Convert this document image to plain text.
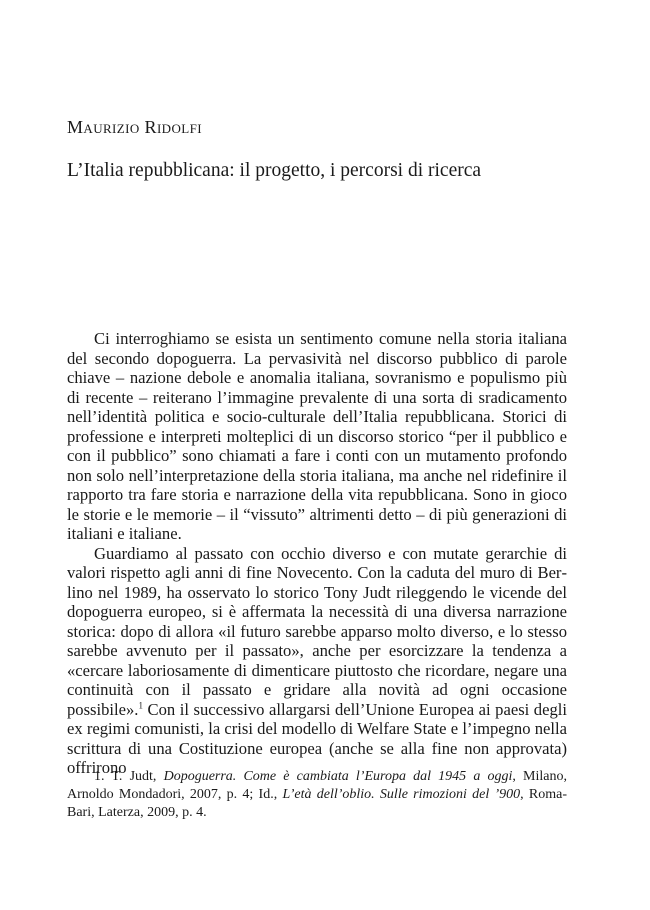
Maurizio Ridolfi
L’Italia repubblicana: il progetto, i percorsi di ricerca

Ci interroghiamo se esista un sentimento comune nella storia italiana del secondo dopoguerra. La pervasività nel discorso pubblico di parole chiave – nazione debole e anomalia italiana, sovranismo e populismo più di recente – reiterano l’immagine prevalente di una sorta di sradicamento nell’identità politica e socio-culturale dell’Italia repubblicana. Storici di professione e interpreti molteplici di un discorso storico “per il pubblico e con il pubblico” sono chiamati a fare i conti con un mutamento profondo non solo nell’interpretazione della storia italiana, ma anche nel ridefinire il rapporto tra fare storia e narrazione della vita repubblicana. Sono in gioco le storie e le memorie – il “vissuto” altrimenti detto – di più generazioni di italiani e italiane.

Guardiamo al passato con occhio diverso e con mutate gerarchie di valori rispetto agli anni di fine Novecento. Con la caduta del muro di Berlino nel 1989, ha osservato lo storico Tony Judt rileggendo le vicende del dopoguerra europeo, si è affermata la necessità di una diversa narrazione storica: dopo di allora «il futuro sarebbe apparso molto diverso, e lo stesso sarebbe avvenuto per il passato», anche per esorcizzare la tendenza a «cercare laboriosamente di dimenticare piuttosto che ricordare, negare una continuità con il passato e gridare alla novità ad ogni occasione possibile».$^1$ Con il successivo allargarsi dell’Unione Europea ai paesi degli ex regimi comunisti, la crisi del modello di Welfare State e l’impegno nella scrittura di una Costituzione europea (anche se alla fine non approvata) offrirono

1. T. Judt, Dopoguerra. Come è cambiata l’Europa dal 1945 a oggi, Milano, Arnoldo Mondadori, 2007, p. 4; Id., L’età dell’oblio. Sulle rimozioni del ’900, Roma-Bari, Laterza, 2009, p. 4.
